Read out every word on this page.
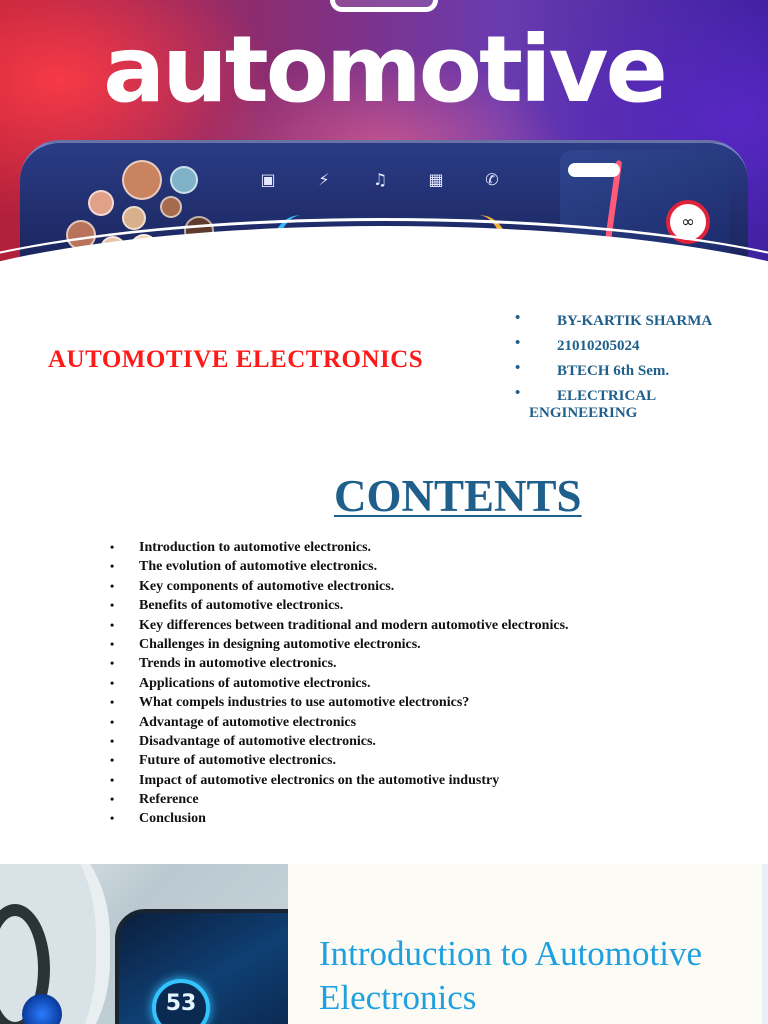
automotive
▣	⚡	♫	▦	✆
∞
AUTOMOTIVE ELECTRONICS
• BY-KARTIK SHARMA
• 21010205024
• BTECH 6th Sem.
• ELECTRICAL ENGINEERING
CONTENTS
• Introduction to automotive electronics.
• The evolution of automotive electronics.
• Key components of automotive electronics.
• Benefits of automotive electronics.
• Key differences between traditional and modern automotive electronics.
• Challenges in designing automotive electronics.
• Trends in automotive electronics.
• Applications of automotive electronics.
• What compels industries to use automotive electronics?
• Advantage of automotive electronics
• Disadvantage of automotive electronics.
• Future of automotive electronics.
• Impact of automotive electronics on the automotive industry
• Reference
• Conclusion
53
Introduction to Automotive Electronics
